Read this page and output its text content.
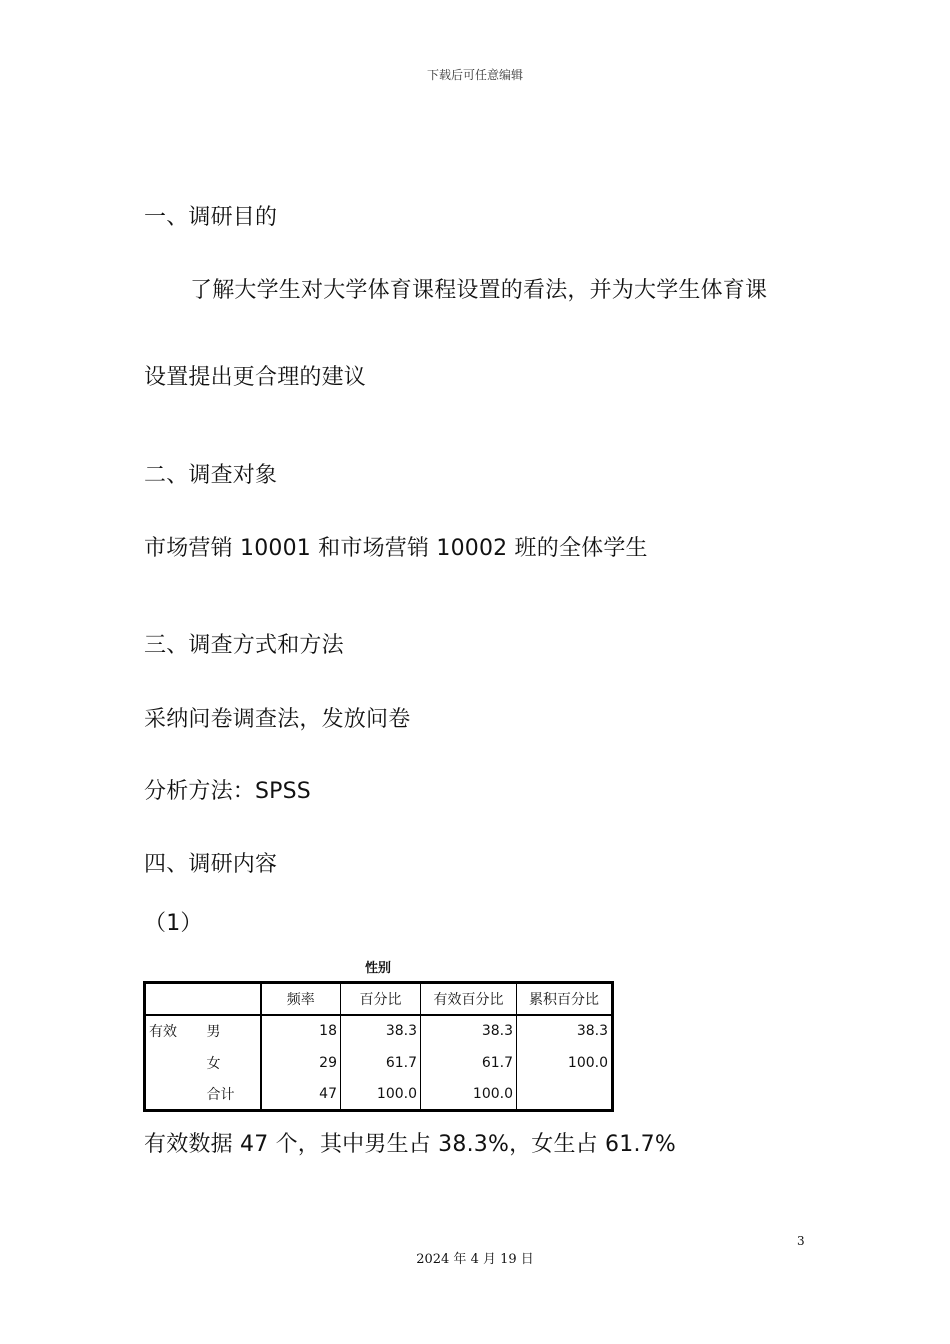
下载后可任意编辑
一、调研目的
了解大学生对大学体育课程设置的看法，并为大学生体育课
设置提出更合理的建议
二、调查对象
市场营销 10001 和市场营销 10002 班的全体学生
三、调查方式和方法
采纳问卷调查法，发放问卷
分析方法：SPSS
四、调研内容
（1）
性别
		频率	百分比	有效百分比	累积百分比
有效	男	18	38.3	38.3	38.3
	女	29	61.7	61.7	100.0
	合计	47	100.0	100.0	
有效数据 47 个，其中男生占 38.3%，女生占 61.7%
3
2024 年 4 月 19 日
